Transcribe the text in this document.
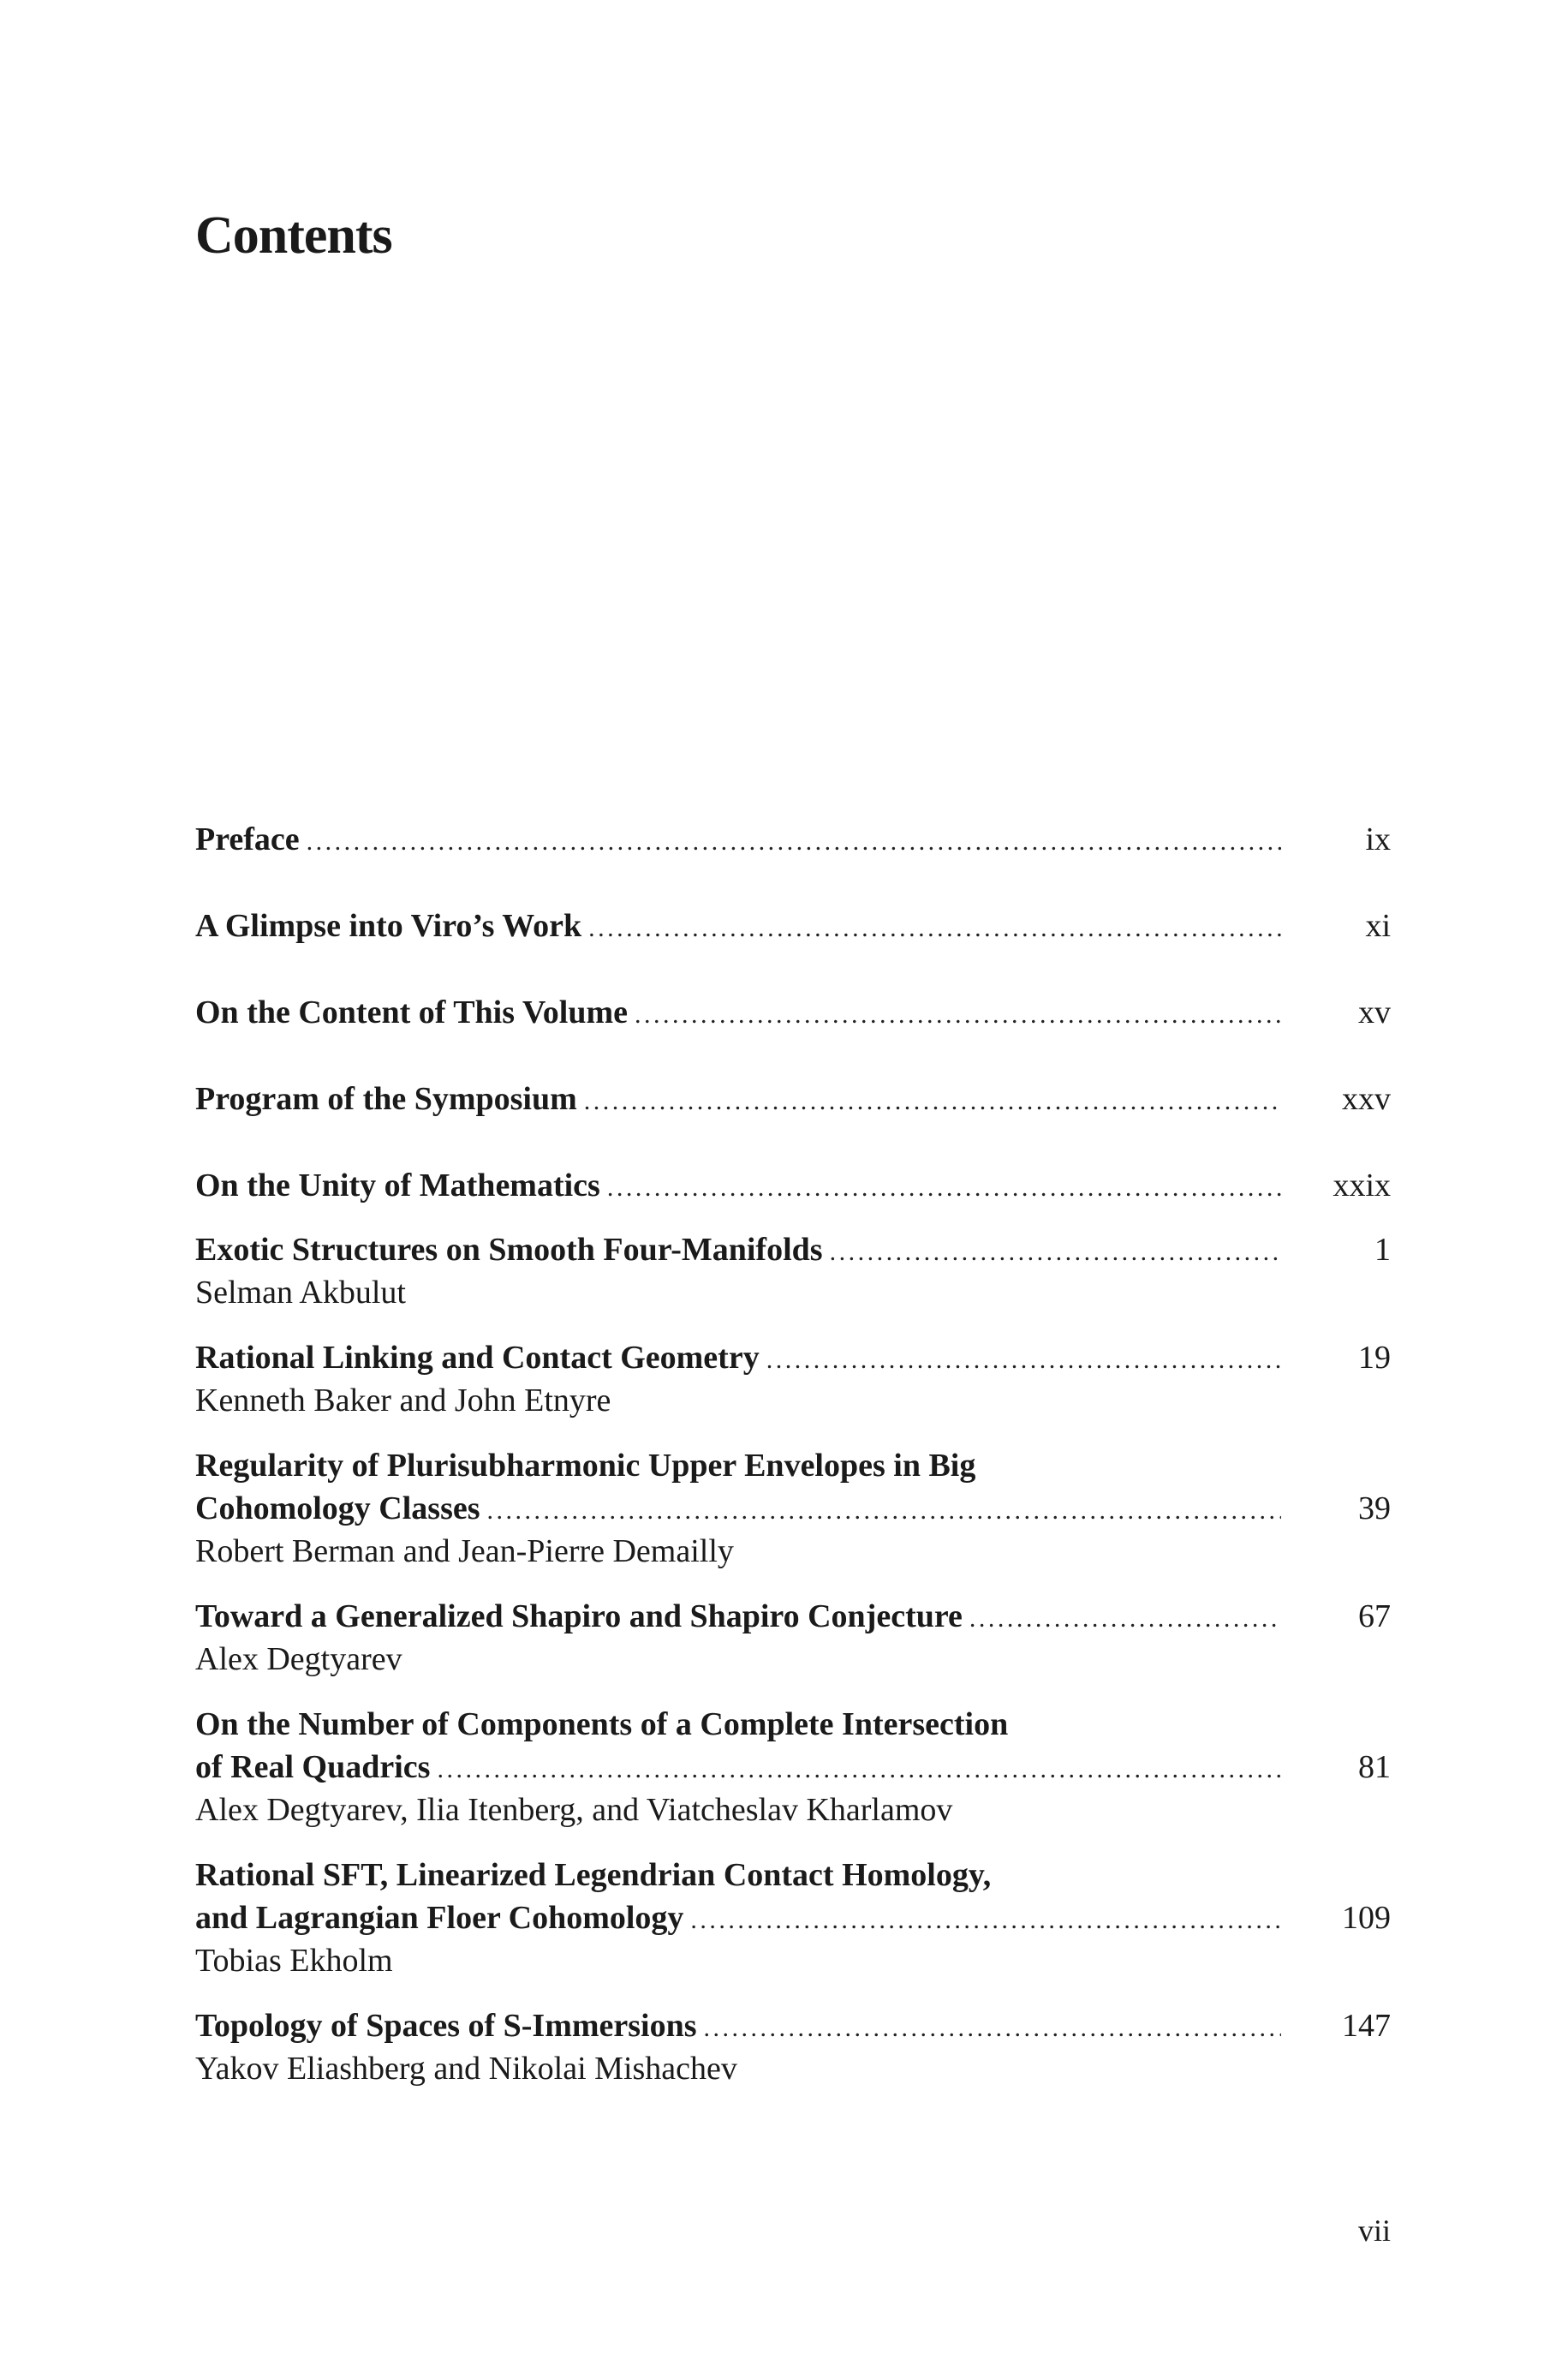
Contents
Preface . . .	ix
A Glimpse into Viro’s Work . . .	xi
On the Content of This Volume . . .	xv
Program of the Symposium . . .	xxv
On the Unity of Mathematics . . .	xxix
Exotic Structures on Smooth Four-Manifolds . . .	1
Selman Akbulut
Rational Linking and Contact Geometry . . .	19
Kenneth Baker and John Etnyre
Regularity of Plurisubharmonic Upper Envelopes in Big
Cohomology Classes . . .	39
Robert Berman and Jean-Pierre Demailly
Toward a Generalized Shapiro and Shapiro Conjecture . . .	67
Alex Degtyarev
On the Number of Components of a Complete Intersection
of Real Quadrics . . .	81
Alex Degtyarev, Ilia Itenberg, and Viatcheslav Kharlamov
Rational SFT, Linearized Legendrian Contact Homology,
and Lagrangian Floer Cohomology . . .	109
Tobias Ekholm
Topology of Spaces of S-Immersions . . .	147
Yakov Eliashberg and Nikolai Mishachev

vii
